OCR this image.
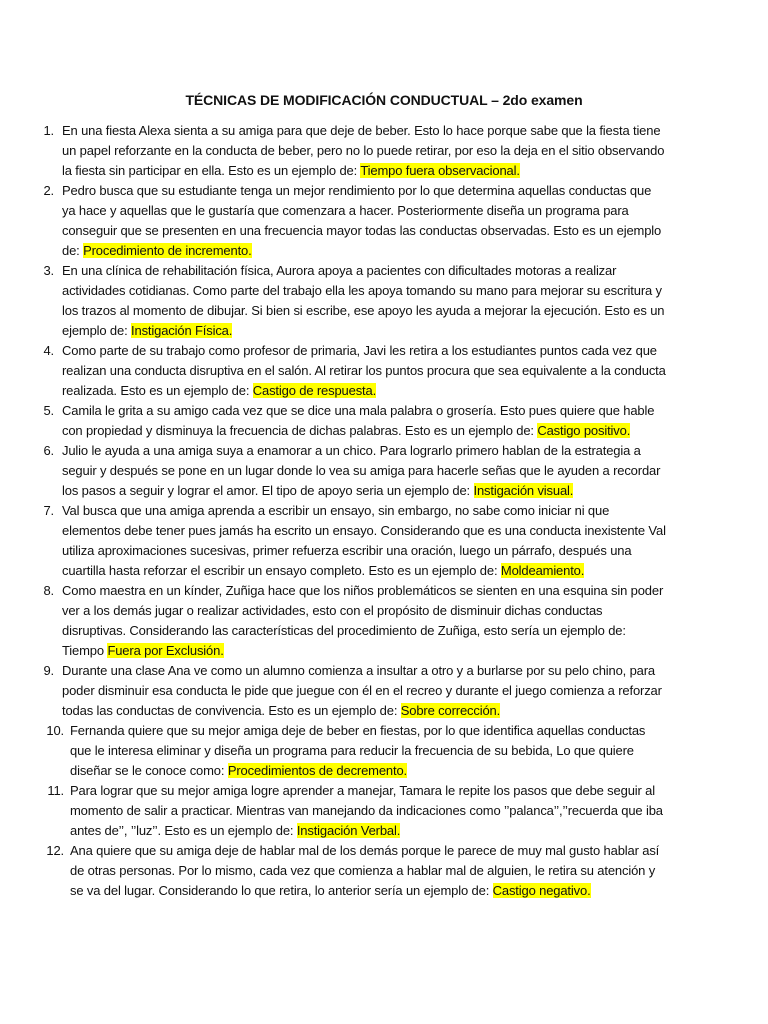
TÉCNICAS DE MODIFICACIÓN CONDUCTUAL – 2do examen
1. En una fiesta Alexa sienta a su amiga para que deje de beber. Esto lo hace porque sabe que la fiesta tiene un papel reforzante en la conducta de beber, pero no lo puede retirar, por eso la deja en el sitio observando la fiesta sin participar en ella. Esto es un ejemplo de: Tiempo fuera observacional.
2. Pedro busca que su estudiante tenga un mejor rendimiento por lo que determina aquellas conductas que ya hace y aquellas que le gustaría que comenzara a hacer. Posteriormente diseña un programa para conseguir que se presenten en una frecuencia mayor todas las conductas observadas. Esto es un ejemplo de: Procedimiento de incremento.
3. En una clínica de rehabilitación física, Aurora apoya a pacientes con dificultades motoras a realizar actividades cotidianas. Como parte del trabajo ella les apoya tomando su mano para mejorar su escritura y los trazos al momento de dibujar. Si bien si escribe, ese apoyo les ayuda a mejorar la ejecución. Esto es un ejemplo de: Instigación Física.
4. Como parte de su trabajo como profesor de primaria, Javi les retira a los estudiantes puntos cada vez que realizan una conducta disruptiva en el salón. Al retirar los puntos procura que sea equivalente a la conducta realizada. Esto es un ejemplo de: Castigo de respuesta.
5. Camila le grita a su amigo cada vez que se dice una mala palabra o grosería. Esto pues quiere que hable con propiedad y disminuya la frecuencia de dichas palabras. Esto es un ejemplo de: Castigo positivo.
6. Julio le ayuda a una amiga suya a enamorar a un chico. Para lograrlo primero hablan de la estrategia a seguir y después se pone en un lugar donde lo vea su amiga para hacerle señas que le ayuden a recordar los pasos a seguir y lograr el amor. El tipo de apoyo seria un ejemplo de: Instigación visual.
7. Val busca que una amiga aprenda a escribir un ensayo, sin embargo, no sabe como iniciar ni que elementos debe tener pues jamás ha escrito un ensayo. Considerando que es una conducta inexistente Val utiliza aproximaciones sucesivas, primer refuerza escribir una oración, luego un párrafo, después una cuartilla hasta reforzar el escribir un ensayo completo. Esto es un ejemplo de: Moldeamiento.
8. Como maestra en un kínder, Zuñiga hace que los niños problemáticos se sienten en una esquina sin poder ver a los demás jugar o realizar actividades, esto con el propósito de disminuir dichas conductas disruptivas. Considerando las características del procedimiento de Zuñiga, esto sería un ejemplo de: Tiempo Fuera por Exclusión.
9. Durante una clase Ana ve como un alumno comienza a insultar a otro y a burlarse por su pelo chino, para poder disminuir esa conducta le pide que juegue con él en el recreo y durante el juego comienza a reforzar todas las conductas de convivencia. Esto es un ejemplo de: Sobre corrección.
10. Fernanda quiere que su mejor amiga deje de beber en fiestas, por lo que identifica aquellas conductas que le interesa eliminar y diseña un programa para reducir la frecuencia de su bebida, Lo que quiere diseñar se le conoce como: Procedimientos de decremento.
11. Para lograr que su mejor amiga logre aprender a manejar, Tamara le repite los pasos que debe seguir al momento de salir a practicar. Mientras van manejando da indicaciones como ’’palanca’’,’’recuerda que iba antes de’’, ’’luz’’. Esto es un ejemplo de: Instigación Verbal.
12. Ana quiere que su amiga deje de hablar mal de los demás porque le parece de muy mal gusto hablar así de otras personas. Por lo mismo, cada vez que comienza a hablar mal de alguien, le retira su atención y se va del lugar. Considerando lo que retira, lo anterior sería un ejemplo de: Castigo negativo.
